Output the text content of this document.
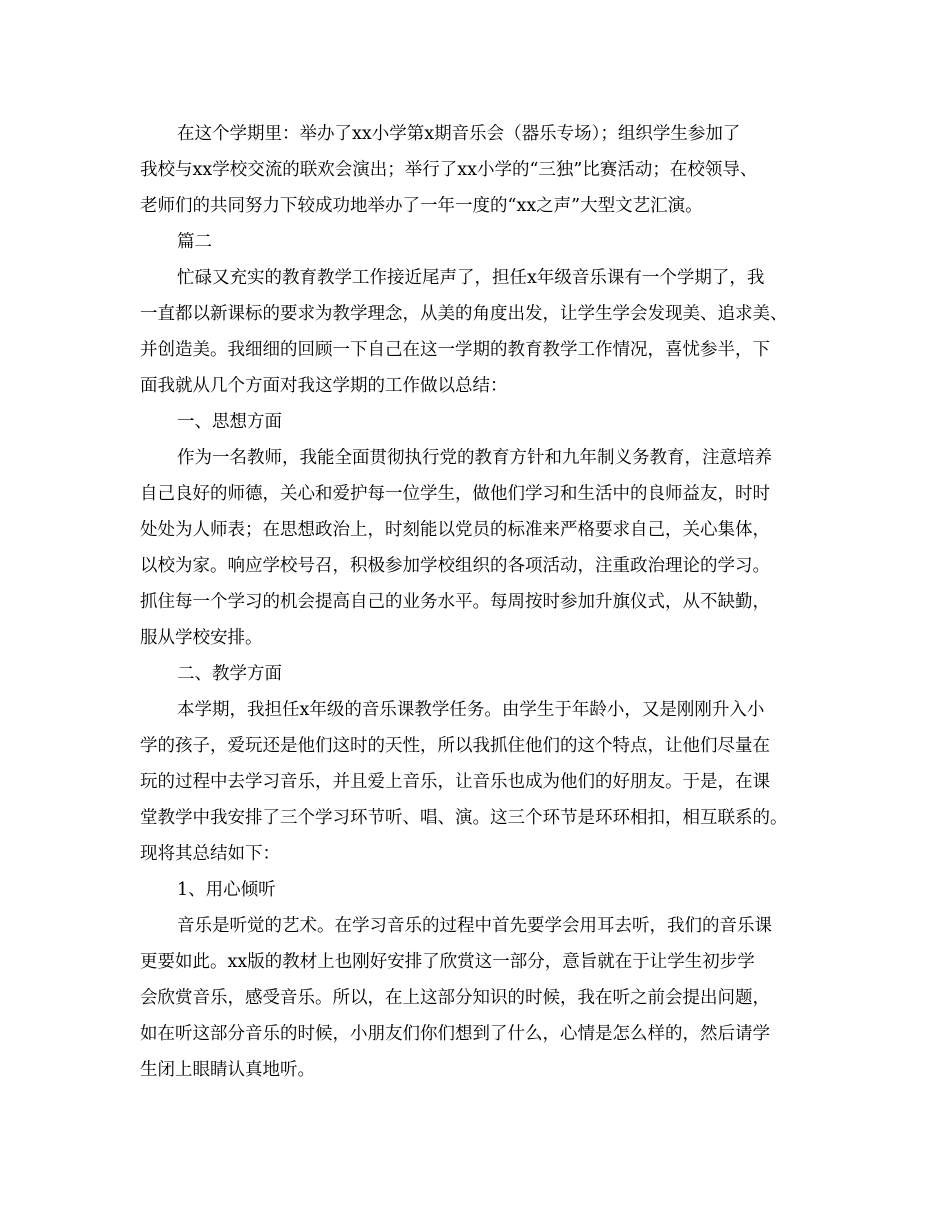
在这个学期里：举办了xx小学第x期音乐会（器乐专场）；组织学生参加了
我校与xx学校交流的联欢会演出；举行了xx小学的“三独”比赛活动；在校领导、
老师们的共同努力下较成功地举办了一年一度的“xx之声”大型文艺汇演。
篇二
忙碌又充实的教育教学工作接近尾声了，担任x年级音乐课有一个学期了，我
一直都以新课标的要求为教学理念，从美的角度出发，让学生学会发现美、追求美、
并创造美。我细细的回顾一下自己在这一学期的教育教学工作情况，喜忧参半，下
面我就从几个方面对我这学期的工作做以总结：
一、思想方面
作为一名教师，我能全面贯彻执行党的教育方针和九年制义务教育，注意培养
自己良好的师德，关心和爱护每一位学生，做他们学习和生活中的良师益友，时时
处处为人师表；在思想政治上，时刻能以党员的标准来严格要求自己，关心集体，
以校为家。响应学校号召，积极参加学校组织的各项活动，注重政治理论的学习。
抓住每一个学习的机会提高自己的业务水平。每周按时参加升旗仪式，从不缺勤，
服从学校安排。
二、教学方面
本学期，我担任x年级的音乐课教学任务。由学生于年龄小，又是刚刚升入小
学的孩子，爱玩还是他们这时的天性，所以我抓住他们的这个特点，让他们尽量在
玩的过程中去学习音乐，并且爱上音乐，让音乐也成为他们的好朋友。于是，在课
堂教学中我安排了三个学习环节听、唱、演。这三个环节是环环相扣，相互联系的。
现将其总结如下：
1、用心倾听
音乐是听觉的艺术。在学习音乐的过程中首先要学会用耳去听，我们的音乐课
更要如此。xx版的教材上也刚好安排了欣赏这一部分，意旨就在于让学生初步学
会欣赏音乐，感受音乐。所以，在上这部分知识的时候，我在听之前会提出问题，
如在听这部分音乐的时候，小朋友们你们想到了什么，心情是怎么样的，然后请学
生闭上眼睛认真地听。
